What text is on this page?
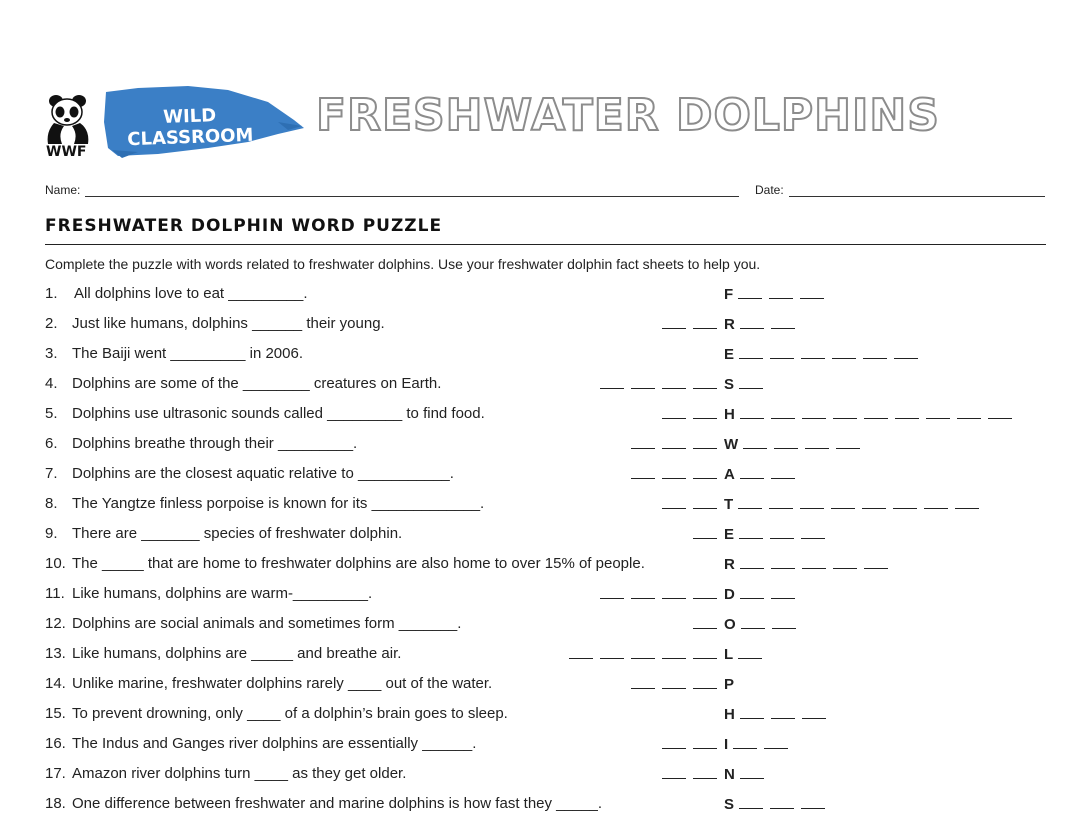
WWF
WILD CLASSROOM	FRESHWATER DOLPHINS
Name:	Date:
FRESHWATER DOLPHIN WORD PUZZLE
Complete the puzzle with words related to freshwater dolphins. Use your freshwater dolphin fact sheets to help you.
1. All dolphins love to eat _________.	F
2. Just like humans, dolphins ______ their young.	R
3. The Baiji went _________ in 2006.	E
4. Dolphins are some of the ________ creatures on Earth.	S
5. Dolphins use ultrasonic sounds called _________ to find food.	H
6. Dolphins breathe through their _________.	W
7. Dolphins are the closest aquatic relative to ___________.	A
8. The Yangtze finless porpoise is known for its _____________.	T
9. There are _______ species of freshwater dolphin.	E
10. The _____ that are home to freshwater dolphins are also home to over 15% of people.	R
11. Like humans, dolphins are warm-_________.	D
12. Dolphins are social animals and sometimes form _______.	O
13. Like humans, dolphins are _____ and breathe air.	L
14. Unlike marine, freshwater dolphins rarely ____ out of the water.	P
15. To prevent drowning, only ____ of a dolphin’s brain goes to sleep.	H
16. The Indus and Ganges river dolphins are essentially ______.	I
17. Amazon river dolphins turn ____ as they get older.	N
18. One difference between freshwater and marine dolphins is how fast they _____.	S
